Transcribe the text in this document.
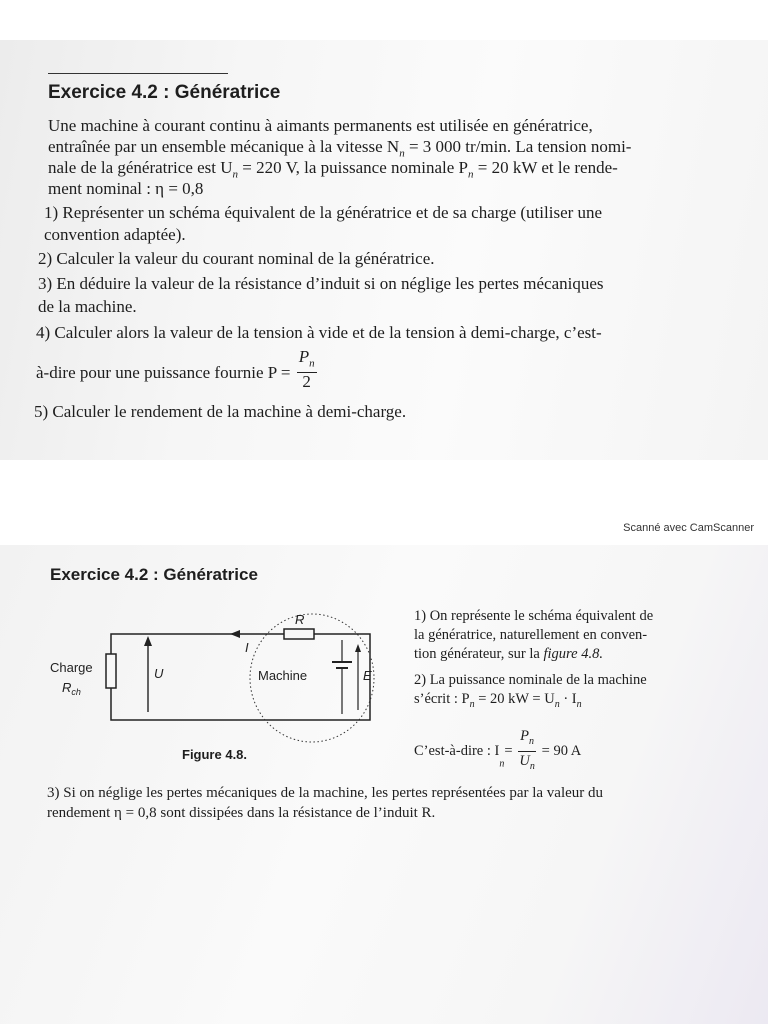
Exercice 4.2 : Génératrice
Une machine à courant continu à aimants permanents est utilisée en génératrice,
entraînée par un ensemble mécanique à la vitesse $N_n = 3$ 000 tr/min. La tension nomi-
nale de la génératrice est $U_n = 220$ V, la puissance nominale $P_n = 20$ kW et le rende-
ment nominal : η = 0,8
1) Représenter un schéma équivalent de la génératrice et de sa charge (utiliser une
convention adaptée).
2) Calculer la valeur du courant nominal de la génératrice.
3) En déduire la valeur de la résistance d’induit si on néglige les pertes mécaniques
de la machine.
4) Calculer alors la valeur de la tension à vide et de la tension à demi-charge, c’est-
à-dire pour une puissance fournie $P = \frac{P_n}{2}$
5) Calculer le rendement de la machine à demi-charge.
Scanné avec CamScanner
Exercice 4.2 : Génératrice
Charge
$R_{ch}$
U
I
R
Machine	E
Figure 4.8.
1) On représente le schéma équivalent de
la génératrice, naturellement en conven-
tion générateur, sur la figure 4.8.
2) La puissance nominale de la machine
s’écrit : $P_n = 20$ kW = $U_n \cdot I_n$
C’est-à-dire : $I_n= \frac{P_n}{U_n} = 90$ A
3) Si on néglige les pertes mécaniques de la machine, les pertes représentées par la valeur du
rendement η = 0,8 sont dissipées dans la résistance de l’induit R.
